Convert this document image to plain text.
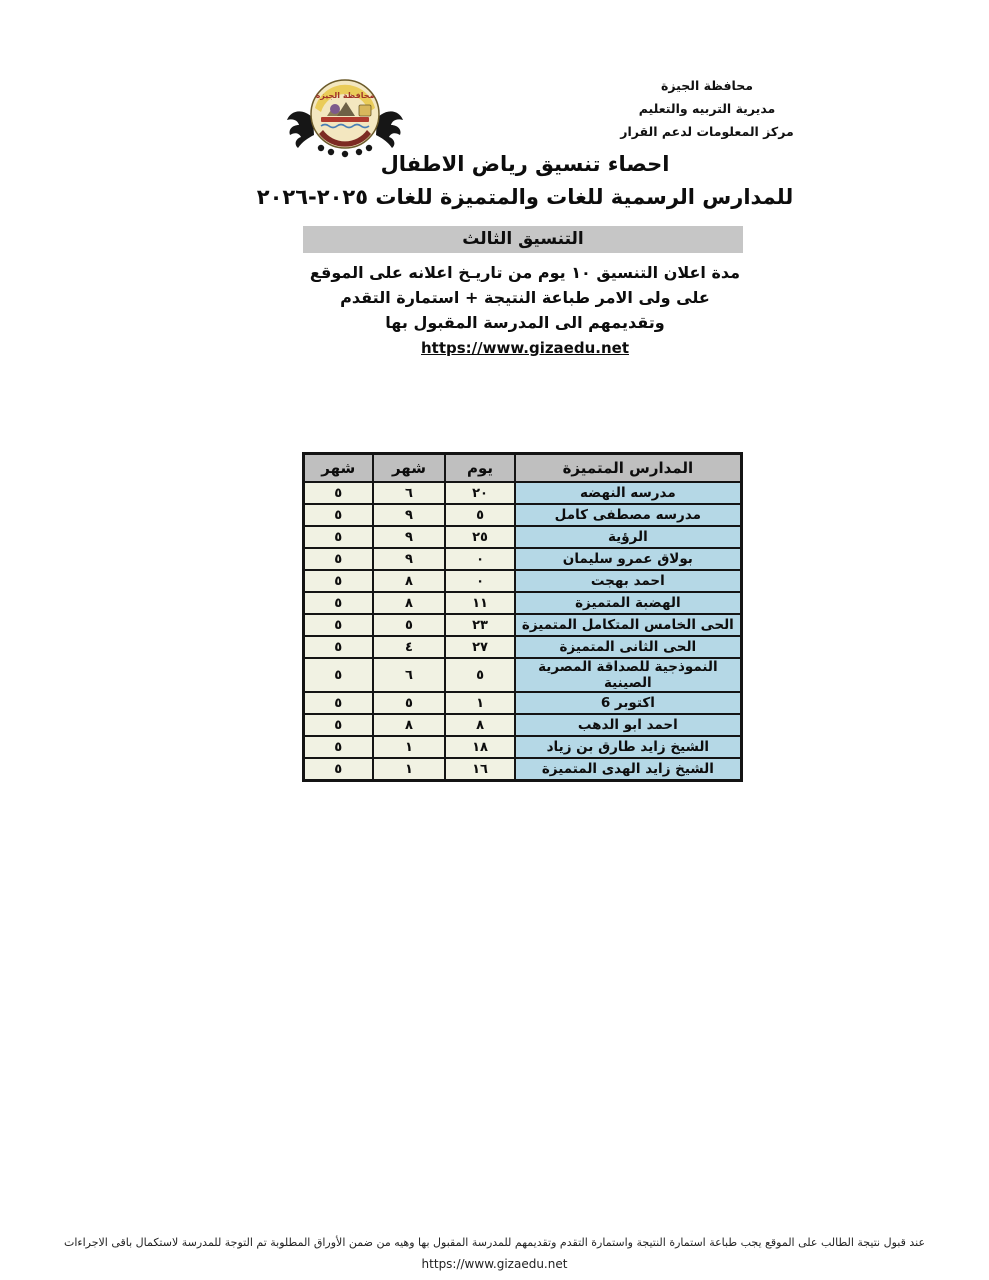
محافظة الجيزة
محافظة الجيزة
مديرية التربيه والتعليم
مركز المعلومات لدعم القرار
احصاء تنسيق رياض الاطفال
للمدارس الرسمية للغات والمتميزة للغات ٢٠٢٥-٢٠٢٦
التنسيق الثالث
مدة اعلان التنسيق ١٠ يوم من تاريـخ اعلانه على الموقع
على ولى الامر طباعة النتيجة + استمارة التقدم
وتقديمهم الى المدرسة المقبول بها
https://www.gizaedu.net
المدارس المتميزة	يوم	شهر	شهر
مدرسه النهضه	٢٠	٦	٥
مدرسه مصطفى كامل	٥	٩	٥
الرؤية	٢٥	٩	٥
بولاق عمرو سليمان	٠	٩	٥
احمد بهجت	٠	٨	٥
الهضبة المتميزة	١١	٨	٥
الحى الخامس المتكامل المتميزة	٢٣	٥	٥
الحى الثانى المتميزة	٢٧	٤	٥
النموذجية للصداقة المصرية الصينية	٥	٦	٥
اكتوبر 6	١	٥	٥
احمد ابو الدهب	٨	٨	٥
الشيخ زايد طارق بن زياد	١٨	١	٥
الشيخ زايد الهدى المتميزة	١٦	١	٥
عند قبول نتيجة الطالب على الموقع يجب طباعة استمارة النتيجة واستمارة التقدم وتقديمهم للمدرسة المقبول بها وهيه من ضمن الأوراق المطلوبة تم التوجة للمدرسة لاستكمال باقى الاجراءات
https://www.gizaedu.net
